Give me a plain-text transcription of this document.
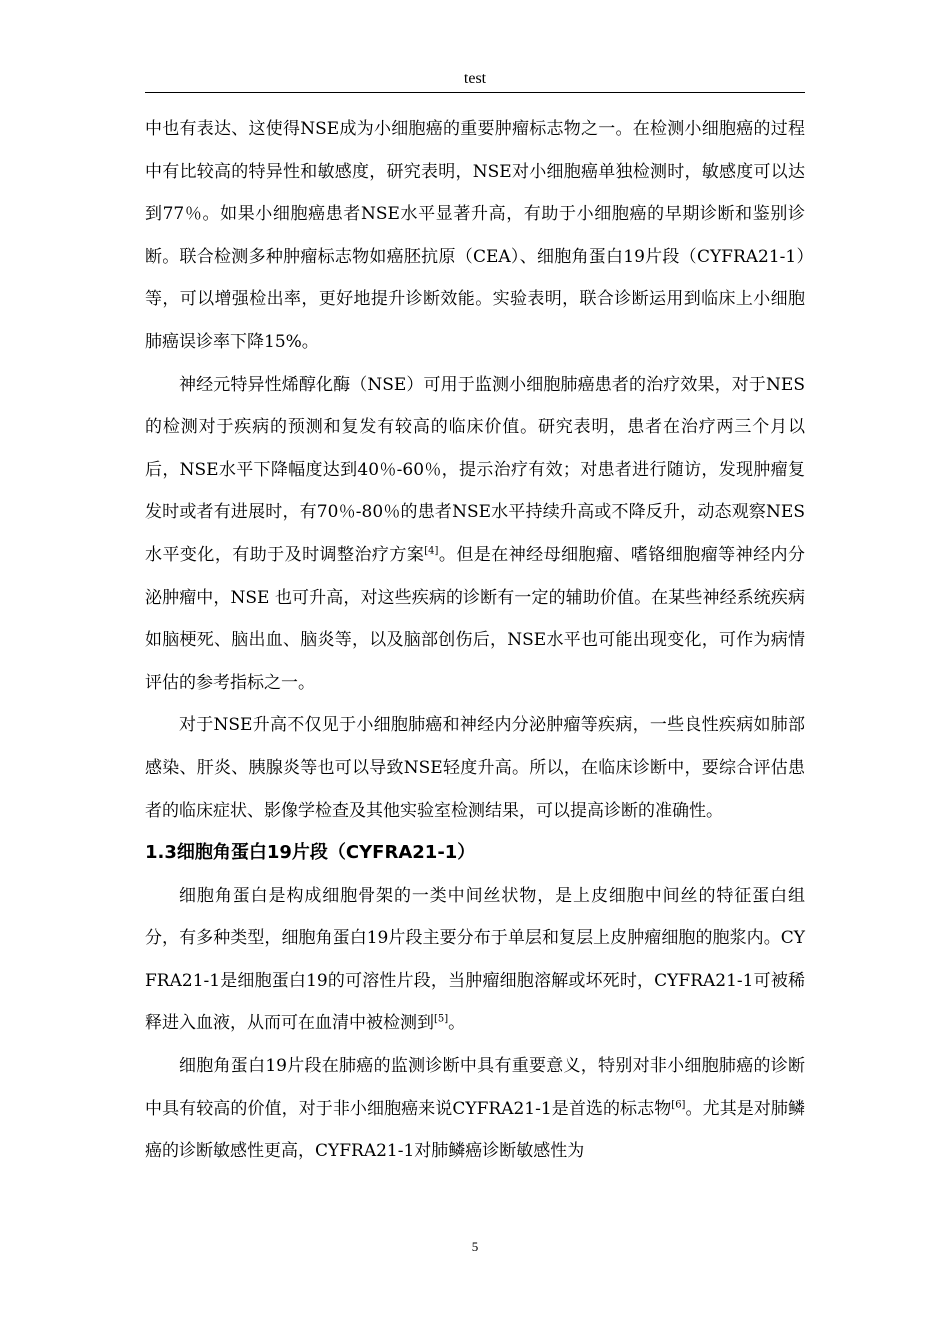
test

中也有表达、这使得NSE成为小细胞癌的重要肿瘤标志物之一。在检测小细胞癌的过程中有比较高的特异性和敏感度，研究表明，NSE对小细胞癌单独检测时，敏感度可以达到77％。如果小细胞癌患者NSE水平显著升高，有助于小细胞癌的早期诊断和鉴别诊断。联合检测多种肿瘤标志物如癌胚抗原（CEA）、细胞角蛋白19片段（CYFRA21-1）等，可以增强检出率，更好地提升诊断效能。实验表明，联合诊断运用到临床上小细胞肺癌误诊率下降15%。

神经元特异性烯醇化酶（NSE）可用于监测小细胞肺癌患者的治疗效果，对于NES的检测对于疾病的预测和复发有较高的临床价值。研究表明，患者在治疗两三个月以后，NSE水平下降幅度达到40％-60％，提示治疗有效；对患者进行随访，发现肿瘤复发时或者有进展时，有70％-80％的患者NSE水平持续升高或不降反升，动态观察NES水平变化，有助于及时调整治疗方案[4]。但是在神经母细胞瘤、嗜铬细胞瘤等神经内分泌肿瘤中，NSE 也可升高，对这些疾病的诊断有一定的辅助价值。在某些神经系统疾病如脑梗死、脑出血、脑炎等，以及脑部创伤后，NSE水平也可能出现变化，可作为病情评估的参考指标之一。

对于NSE升高不仅见于小细胞肺癌和神经内分泌肿瘤等疾病，一些良性疾病如肺部感染、肝炎、胰腺炎等也可以导致NSE轻度升高。所以，在临床诊断中，要综合评估患者的临床症状、影像学检查及其他实验室检测结果，可以提高诊断的准确性。

1.3细胞角蛋白19片段（CYFRA21-1）

细胞角蛋白是构成细胞骨架的一类中间丝状物，是上皮细胞中间丝的特征蛋白组分，有多种类型，细胞角蛋白19片段主要分布于单层和复层上皮肿瘤细胞的胞浆内。CYFRA21-1是细胞蛋白19的可溶性片段，当肿瘤细胞溶解或坏死时，CYFRA21-1可被稀释进入血液，从而可在血清中被检测到[5]。

细胞角蛋白19片段在肺癌的监测诊断中具有重要意义，特别对非小细胞肺癌的诊断中具有较高的价值，对于非小细胞癌来说CYFRA21-1是首选的标志物[6]。尤其是对肺鳞癌的诊断敏感性更高，CYFRA21-1对肺鳞癌诊断敏感性为

5
